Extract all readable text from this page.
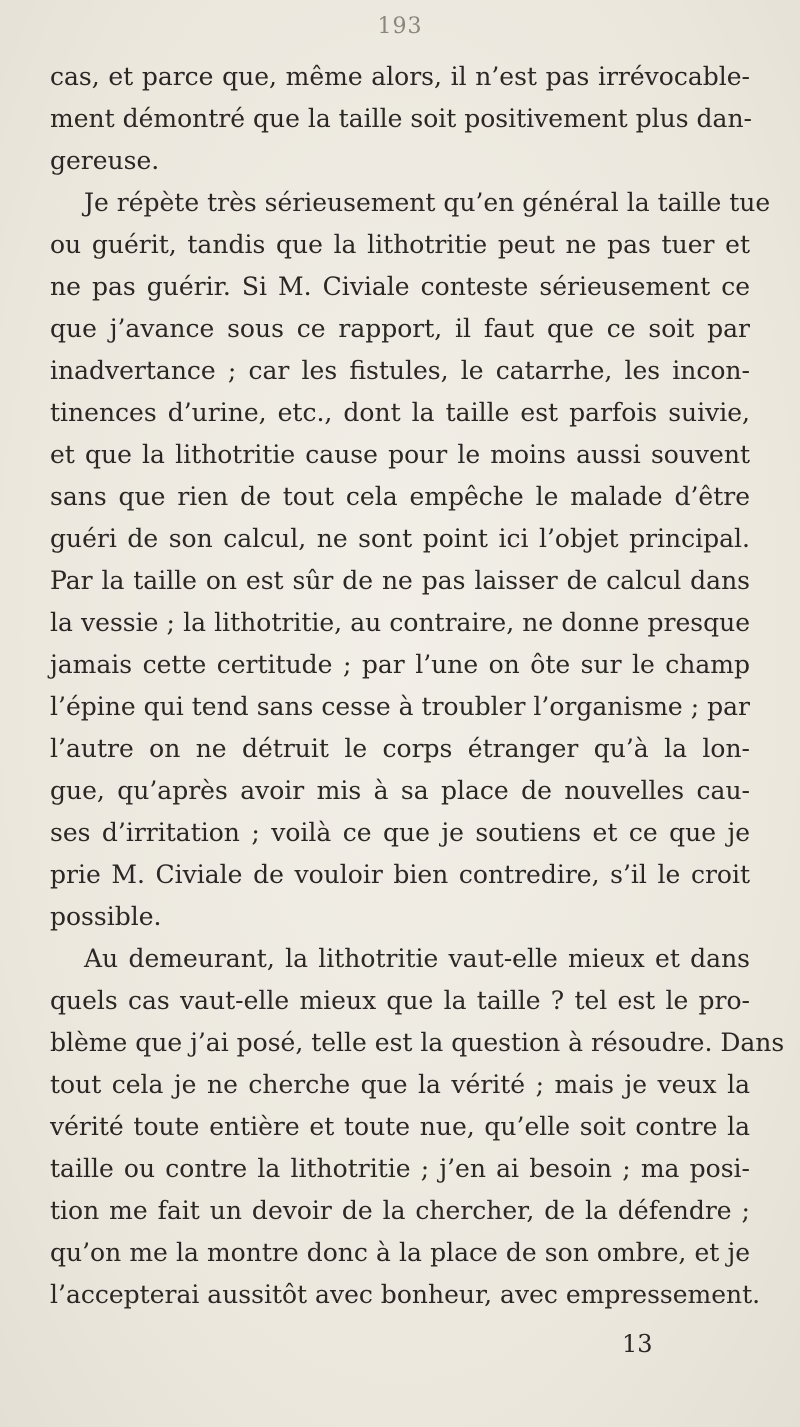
193
cas, et parce que, même alors, il n’est pas irrévocable-
ment démontré que la taille soit positivement plus dan-
gereuse.
Je répète très sérieusement qu’en général la taille tue
ou guérit, tandis que la lithotritie peut ne pas tuer et
ne pas guérir. Si M. Civiale conteste sérieusement ce
que j’avance sous ce rapport, il faut que ce soit par
inadvertance ; car les fistules, le catarrhe, les incon-
tinences d’urine, etc., dont la taille est parfois suivie,
et que la lithotritie cause pour le moins aussi souvent
sans que rien de tout cela empêche le malade d’être
guéri de son calcul, ne sont point ici l’objet principal.
Par la taille on est sûr de ne pas laisser de calcul dans
la vessie ; la lithotritie, au contraire, ne donne presque
jamais cette certitude ; par l’une on ôte sur le champ
l’épine qui tend sans cesse à troubler l’organisme ; par
l’autre on ne détruit le corps étranger qu’à la lon-
gue, qu’après avoir mis à sa place de nouvelles cau-
ses d’irritation ; voilà ce que je soutiens et ce que je
prie M. Civiale de vouloir bien contredire, s’il le croit
possible.
Au demeurant, la lithotritie vaut-elle mieux et dans
quels cas vaut-elle mieux que la taille ? tel est le pro-
blème que j’ai posé, telle est la question à résoudre. Dans
tout cela je ne cherche que la vérité ; mais je veux la
vérité toute entière et toute nue, qu’elle soit contre la
taille ou contre la lithotritie ; j’en ai besoin ; ma posi-
tion me fait un devoir de la chercher, de la défendre ;
qu’on me la montre donc à la place de son ombre, et je
l’accepterai aussitôt avec bonheur, avec empressement.
13
